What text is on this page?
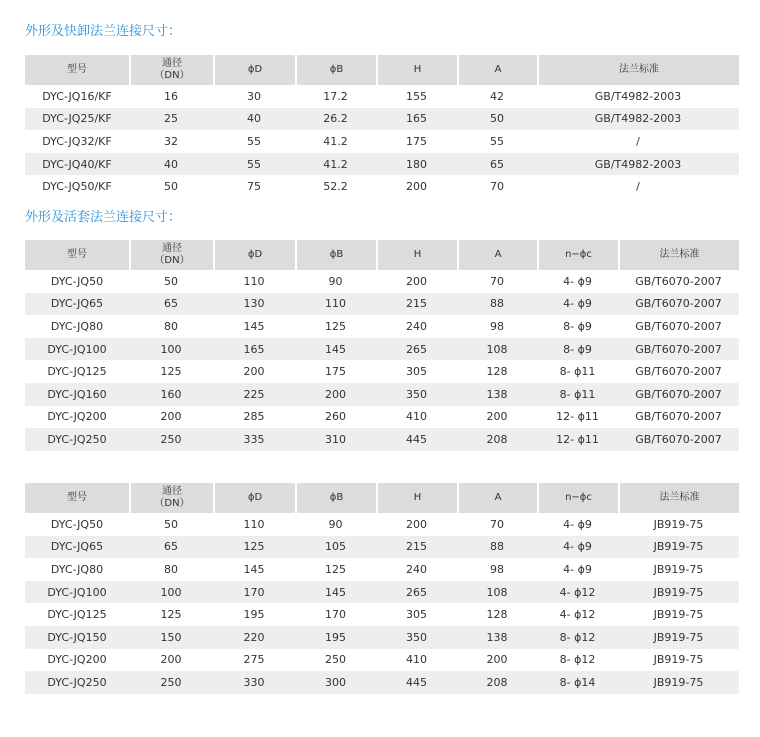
外形及快卸法兰连接尺寸：
型号	通径
（DN）	ϕD	ϕB	H	A	法兰标准
DYC-JQ16/KF	16	30	17.2	155	42	GB/T4982-2003
DYC-JQ25/KF	25	40	26.2	165	50	GB/T4982-2003
DYC-JQ32/KF	32	55	41.2	175	55	/
DYC-JQ40/KF	40	55	41.2	180	65	GB/T4982-2003
DYC-JQ50/KF	50	75	52.2	200	70	/
外形及活套法兰连接尺寸：
型号	通径
（DN）	ϕD	ϕB	H	A	n−ϕc	法兰标准
DYC-JQ50	50	110	90	200	70	4- ϕ9	GB/T6070-2007
DYC-JQ65	65	130	110	215	88	4- ϕ9	GB/T6070-2007
DYC-JQ80	80	145	125	240	98	8- ϕ9	GB/T6070-2007
DYC-JQ100	100	165	145	265	108	8- ϕ9	GB/T6070-2007
DYC-JQ125	125	200	175	305	128	8- ϕ11	GB/T6070-2007
DYC-JQ160	160	225	200	350	138	8- ϕ11	GB/T6070-2007
DYC-JQ200	200	285	260	410	200	12- ϕ11	GB/T6070-2007
DYC-JQ250	250	335	310	445	208	12- ϕ11	GB/T6070-2007
型号	通径
（DN）	ϕD	ϕB	H	A	n−ϕc	法兰标准
DYC-JQ50	50	110	90	200	70	4- ϕ9	JB919-75
DYC-JQ65	65	125	105	215	88	4- ϕ9	JB919-75
DYC-JQ80	80	145	125	240	98	4- ϕ9	JB919-75
DYC-JQ100	100	170	145	265	108	4- ϕ12	JB919-75
DYC-JQ125	125	195	170	305	128	4- ϕ12	JB919-75
DYC-JQ150	150	220	195	350	138	8- ϕ12	JB919-75
DYC-JQ200	200	275	250	410	200	8- ϕ12	JB919-75
DYC-JQ250	250	330	300	445	208	8- ϕ14	JB919-75
